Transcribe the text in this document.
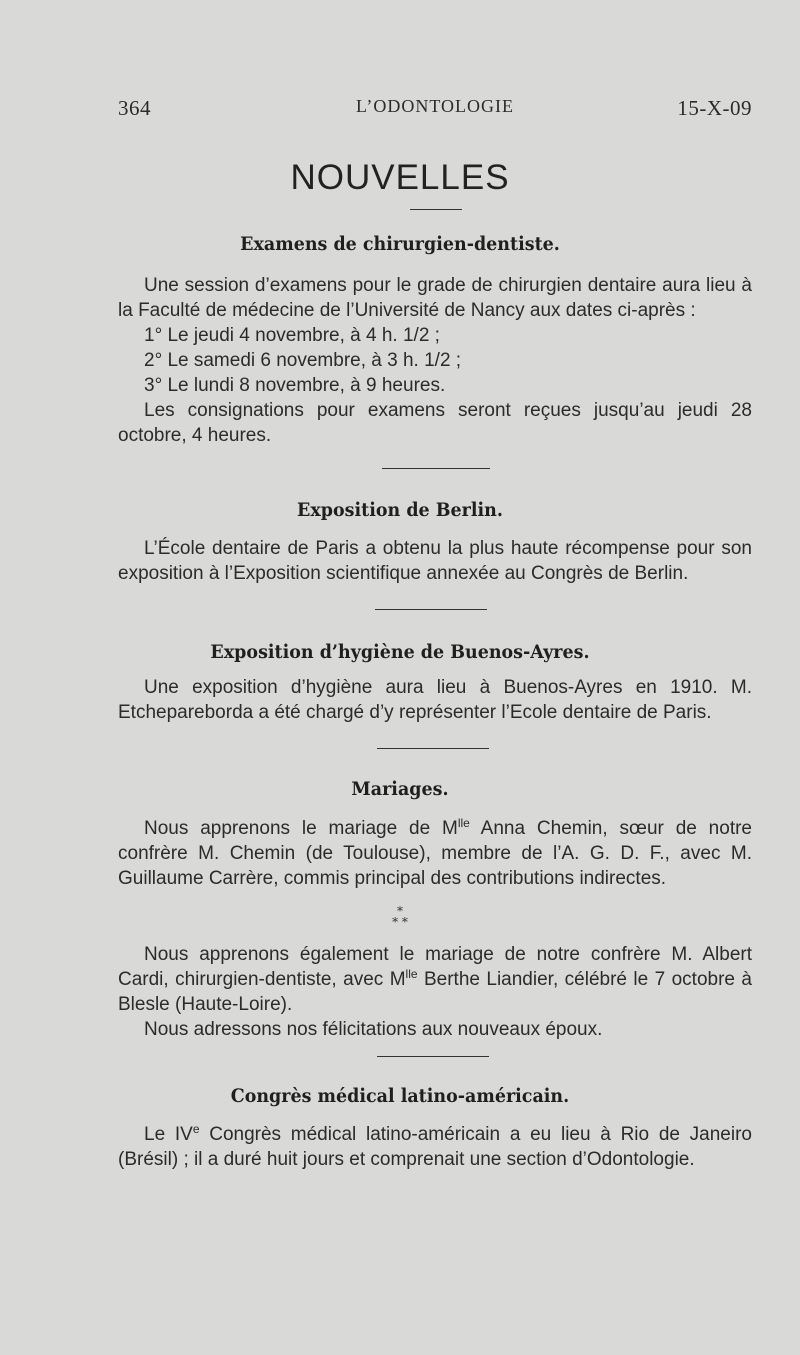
364	L’ODONTOLOGIE	15-X-09
NOUVELLES
Examens de chirurgien-dentiste.

Une session d’examens pour le grade de chirurgien dentaire aura lieu à la Faculté de médecine de l’Université de Nancy aux dates ci-après :

1° Le jeudi 4 novembre, à 4 h. 1/2 ;

2° Le samedi 6 novembre, à 3 h. 1/2 ;

3° Le lundi 8 novembre, à 9 heures.

Les consignations pour examens seront reçues jusqu’au jeudi 28 octobre, 4 heures.

Exposition de Berlin.

L’École dentaire de Paris a obtenu la plus haute récompense pour son exposition à l’Exposition scientifique annexée au Congrès de Berlin.

Exposition d’hygiène de Buenos-Ayres.

Une exposition d’hygiène aura lieu à Buenos-Ayres en 1910. M. Etchepareborda a été chargé d’y représenter l’Ecole dentaire de Paris.

Mariages.

Nous apprenons le mariage de $M^{lle}$ Anna Chemin, sœur de notre confrère M. Chemin (de Toulouse), membre de l’A. G. D. F., avec M. Guillaume Carrère, commis principal des contributions indirectes.

*
* *

Nous apprenons également le mariage de notre confrère M. Albert Cardi, chirurgien-dentiste, avec $M^{lle}$ Berthe Liandier, célébré le 7 octobre à Blesle (Haute-Loire).

Nous adressons nos félicitations aux nouveaux époux.

Congrès médical latino-américain.

Le IVe Congrès médical latino-américain a eu lieu à Rio de Janeiro (Brésil) ; il a duré huit jours et comprenait une section d’Odontologie.
